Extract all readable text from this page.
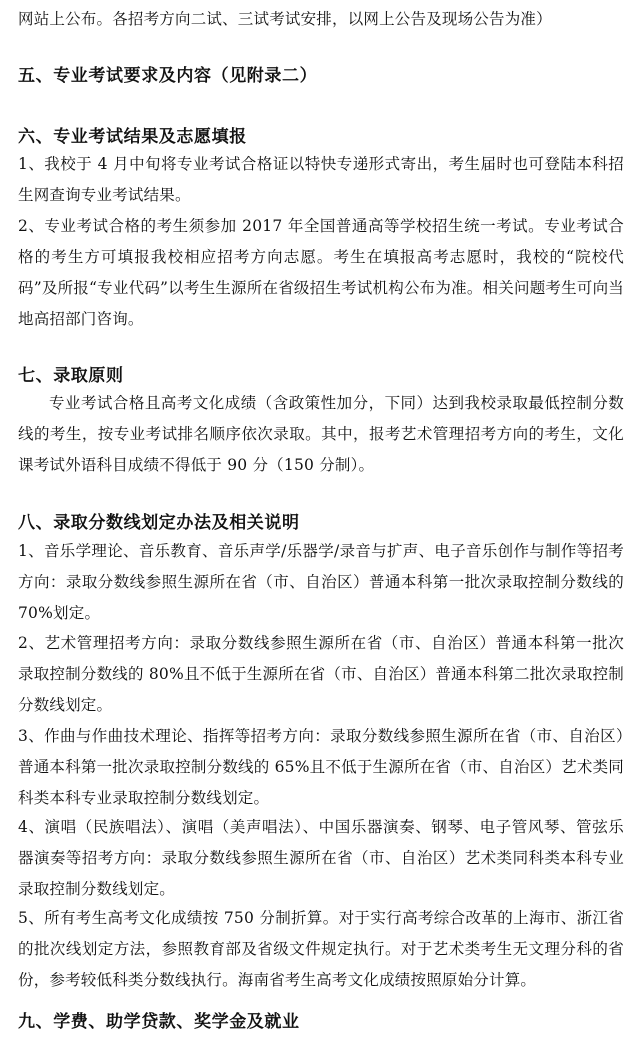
网站上公布。各招考方向二试、三试考试安排，以网上公告及现场公告为准）

五、专业考试要求及内容（见附录二）
六、专业考试结果及志愿填报

1、我校于 4 月中旬将专业考试合格证以特快专递形式寄出，考生届时也可登陆本科招生网查询专业考试结果。

2、专业考试合格的考生须参加 2017 年全国普通高等学校招生统一考试。专业考试合格的考生方可填报我校相应招考方向志愿。考生在填报高考志愿时，我校的“院校代码”及所报“专业代码”以考生生源所在省级招生考试机构公布为准。相关问题考生可向当地高招部门咨询。

七、录取原则

专业考试合格且高考文化成绩（含政策性加分，下同）达到我校录取最低控制分数线的考生，按专业考试排名顺序依次录取。其中，报考艺术管理招考方向的考生，文化课考试外语科目成绩不得低于 90 分（150 分制）。

八、录取分数线划定办法及相关说明

1、音乐学理论、音乐教育、音乐声学/乐器学/录音与扩声、电子音乐创作与制作等招考方向：录取分数线参照生源所在省（市、自治区）普通本科第一批次录取控制分数线的 70%划定。

2、艺术管理招考方向：录取分数线参照生源所在省（市、自治区）普通本科第一批次录取控制分数线的 80%且不低于生源所在省（市、自治区）普通本科第二批次录取控制分数线划定。

3、作曲与作曲技术理论、指挥等招考方向：录取分数线参照生源所在省（市、自治区）普通本科第一批次录取控制分数线的 65%且不低于生源所在省（市、自治区）艺术类同科类本科专业录取控制分数线划定。

4、演唱（民族唱法）、演唱（美声唱法）、中国乐器演奏、钢琴、电子管风琴、管弦乐器演奏等招考方向：录取分数线参照生源所在省（市、自治区）艺术类同科类本科专业录取控制分数线划定。

5、所有考生高考文化成绩按 750 分制折算。对于实行高考综合改革的上海市、浙江省的批次线划定方法，参照教育部及省级文件规定执行。对于艺术类考生无文理分科的省份，参考较低科类分数线执行。海南省考生高考文化成绩按照原始分计算。

九、学费、助学贷款、奖学金及就业
